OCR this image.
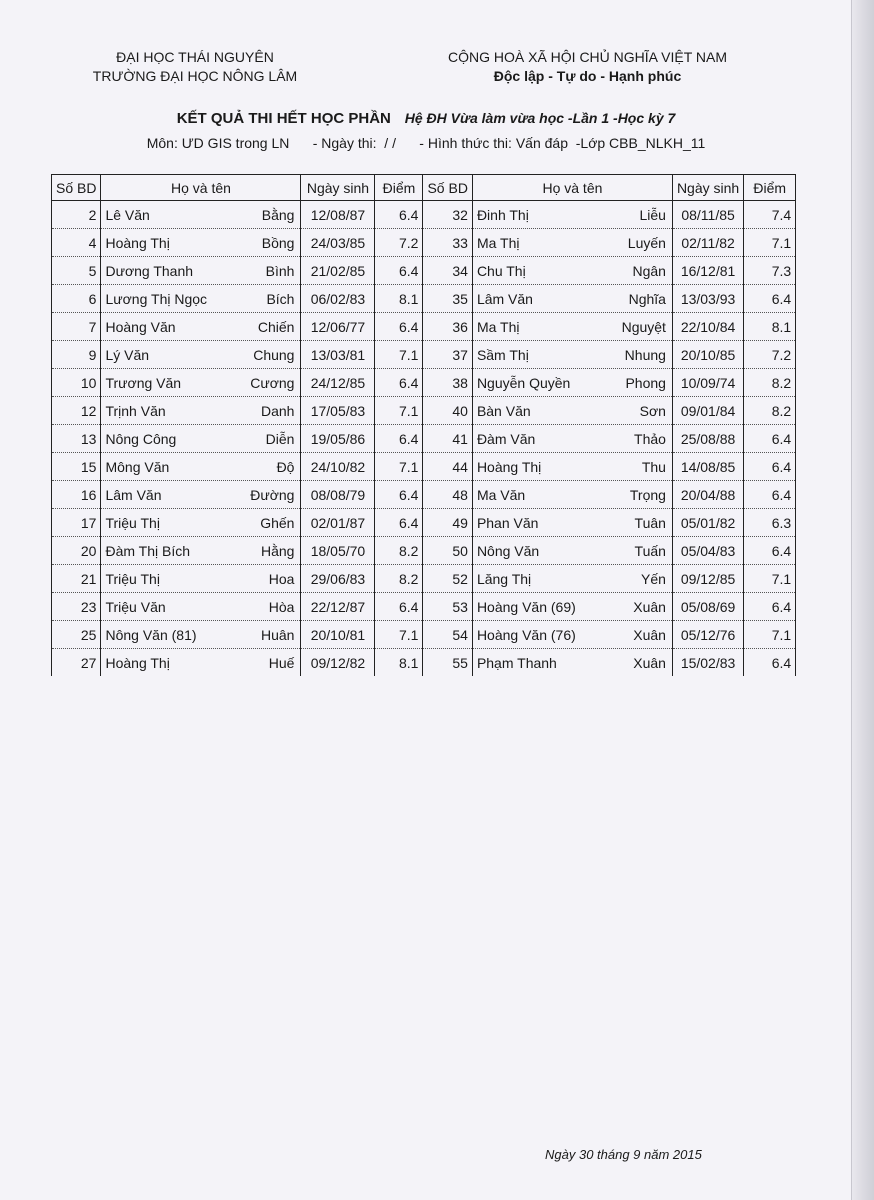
ĐẠI HỌC THÁI NGUYÊN
TRƯỜNG ĐẠI HỌC NÔNG LÂM
CỘNG HOÀ XÃ HỘI CHỦ NGHĨA VIỆT NAM
Độc lập - Tự do - Hạnh phúc
KẾT QUẢ THI HẾT HỌC PHẦN Hệ ĐH Vừa làm vừa học -Lần 1 -Học kỳ 7
Môn: ƯD GIS trong LN      - Ngày thi:  / /      - Hình thức thi: Vấn đáp  -Lớp CBB_NLKH_11
Số BD	Họ và tên	Ngày sinh	Điểm	Số BD	Họ và tên	Ngày sinh	Điểm
2	Lê Văn Bằng	12/08/87	6.4	32	Đinh Thị Liễu	08/11/85	7.4
4	Hoàng Thị Bồng	24/03/85	7.2	33	Ma Thị Luyến	02/11/82	7.1
5	Dương Thanh Bình	21/02/85	6.4	34	Chu Thị Ngân	16/12/81	7.3
6	Lương Thị Ngọc Bích	06/02/83	8.1	35	Lâm Văn Nghĩa	13/03/93	6.4
7	Hoàng Văn Chiến	12/06/77	6.4	36	Ma Thị Nguyệt	22/10/84	8.1
9	Lý Văn Chung	13/03/81	7.1	37	Sầm Thị Nhung	20/10/85	7.2
10	Trương Văn Cương	24/12/85	6.4	38	Nguyễn Quyền Phong	10/09/74	8.2
12	Trịnh Văn Danh	17/05/83	7.1	40	Bàn Văn Sơn	09/01/84	8.2
13	Nông Công Diễn	19/05/86	6.4	41	Đàm Văn Thảo	25/08/88	6.4
15	Mông Văn Độ	24/10/82	7.1	44	Hoàng Thị Thu	14/08/85	6.4
16	Lâm Văn Đường	08/08/79	6.4	48	Ma Văn Trọng	20/04/88	6.4
17	Triệu Thị Ghến	02/01/87	6.4	49	Phan Văn Tuân	05/01/82	6.3
20	Đàm Thị Bích Hằng	18/05/70	8.2	50	Nông Văn Tuấn	05/04/83	6.4
21	Triệu Thị Hoa	29/06/83	8.2	52	Lăng Thị Yến	09/12/85	7.1
23	Triệu Văn Hòa	22/12/87	6.4	53	Hoàng Văn (69) Xuân	05/08/69	6.4
25	Nông Văn (81) Huân	20/10/81	7.1	54	Hoàng Văn (76) Xuân	05/12/76	7.1
27	Hoàng Thị Huế	09/12/82	8.1	55	Phạm Thanh Xuân	15/02/83	6.4
Ngày 30 tháng 9 năm 2015
